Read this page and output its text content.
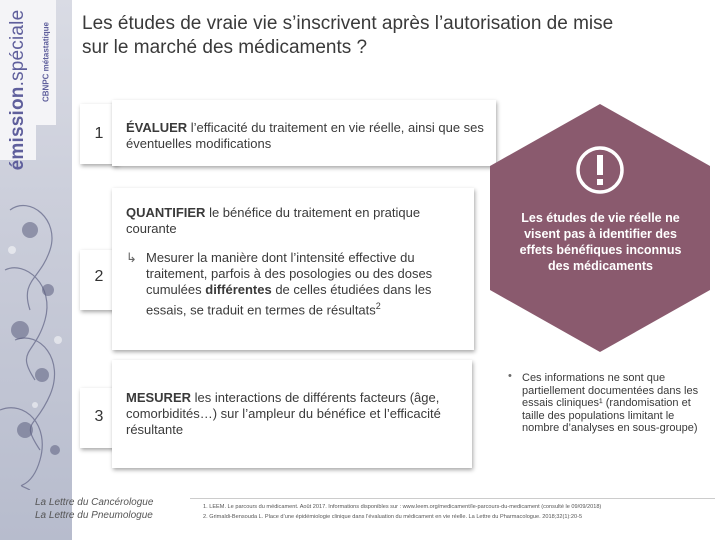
émission.spéciale CBNPC métastatique Les études de vraie vie s’inscrivent après l’autorisation de mise sur le marché des médicaments ?
1	ÉVALUER l’efficacité du traitement en vie réelle, ainsi que ses éventuelles modifications
2
QUANTIFIER le bénéfice du traitement en pratique courante
↳ Mesurer la manière dont l’intensité effective du traitement, parfois à des posologies ou des doses cumulées différentes de celles étudiées dans les essais, se traduit en termes de résultats$^2$
3
MESURER les interactions de différents facteurs (âge, comorbidités…) sur l’ampleur du bénéfice et l’efficacité résultante
Les études de vie réelle ne visent pas à identifier des effets bénéfiques inconnus des médicaments
• Ces informations ne sont que partiellement documentées dans les essais cliniques¹ (randomisation et taille des populations limitant le nombre d’analyses en sous-groupe)
La Lettre du Cancérologue
La Lettre du Pneumologue
1. LEEM. Le parcours du médicament. Août 2017. Informations disponibles sur : www.leem.org/medicament/le-parcours-du-medicament (consulté le 09/09/2018)
2. Grimaldi-Bensouda L. Place d’une épidémiologie clinique dans l’évaluation du médicament en vie réelle. La Lettre du Pharmacologue. 2018;32(1):20-5
